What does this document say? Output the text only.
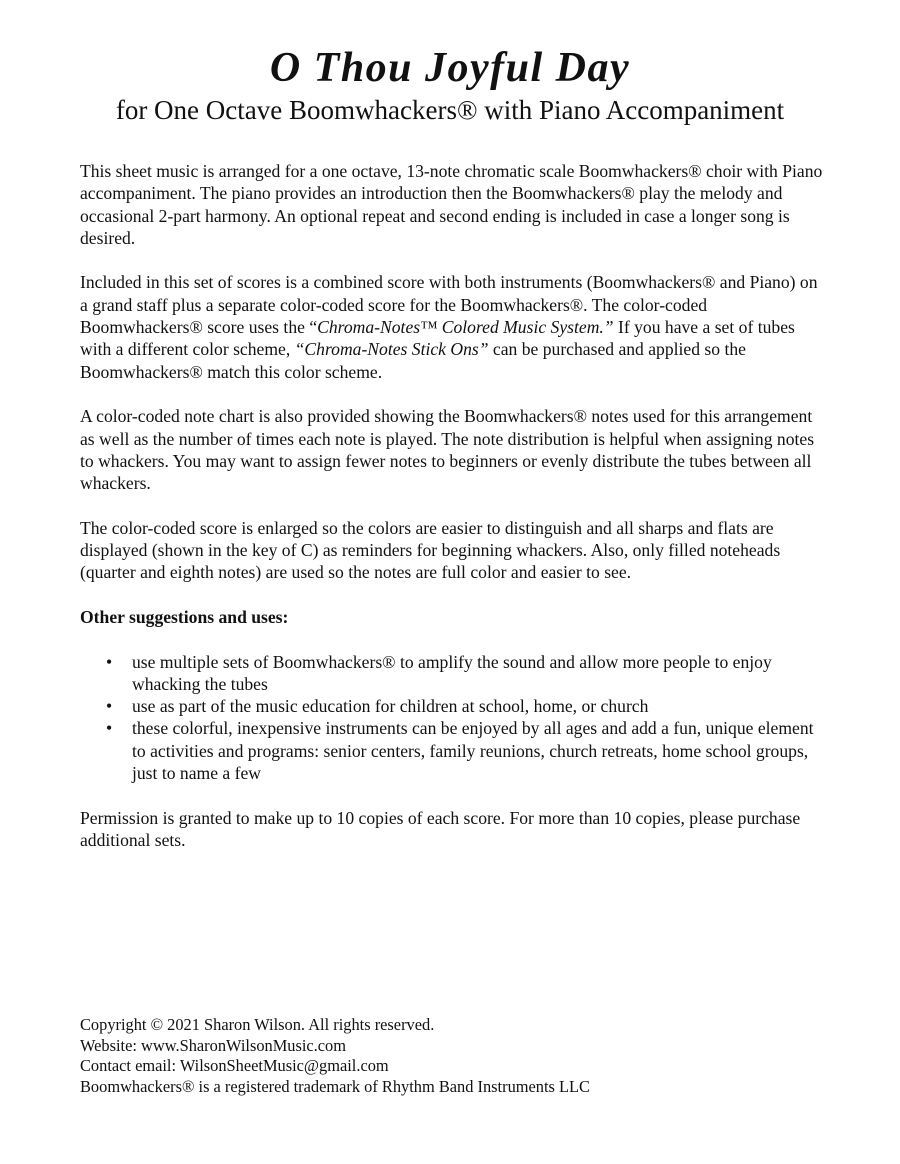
O Thou Joyful Day
for One Octave Boomwhackers® with Piano Accompaniment

This sheet music is arranged for a one octave, 13-note chromatic scale Boomwhackers® choir with Piano accompaniment. The piano provides an introduction then the Boomwhackers® play the melody and occasional 2-part harmony. An optional repeat and second ending is included in case a longer song is desired.

Included in this set of scores is a combined score with both instruments (Boomwhackers® and Piano) on a grand staff plus a separate color-coded score for the Boomwhackers®. The color-coded Boomwhackers® score uses the “Chroma-Notes™ Colored Music System.” If you have a set of tubes with a different color scheme, “Chroma-Notes Stick Ons” can be purchased and applied so the Boomwhackers® match this color scheme.

A color-coded note chart is also provided showing the Boomwhackers® notes used for this arrangement as well as the number of times each note is played. The note distribution is helpful when assigning notes to whackers. You may want to assign fewer notes to beginners or evenly distribute the tubes between all whackers.

The color-coded score is enlarged so the colors are easier to distinguish and all sharps and flats are displayed (shown in the key of C) as reminders for beginning whackers. Also, only filled noteheads (quarter and eighth notes) are used so the notes are full color and easier to see.

Other suggestions and uses:

• use multiple sets of Boomwhackers® to amplify the sound and allow more people to enjoy whacking the tubes
• use as part of the music education for children at school, home, or church
• these colorful, inexpensive instruments can be enjoyed by all ages and add a fun, unique element to activities and programs: senior centers, family reunions, church retreats, home school groups, just to name a few

Permission is granted to make up to 10 copies of each score. For more than 10 copies, please purchase additional sets.

Copyright © 2021 Sharon Wilson. All rights reserved.
Website: www.SharonWilsonMusic.com
Contact email: WilsonSheetMusic@gmail.com
Boomwhackers® is a registered trademark of Rhythm Band Instruments LLC
